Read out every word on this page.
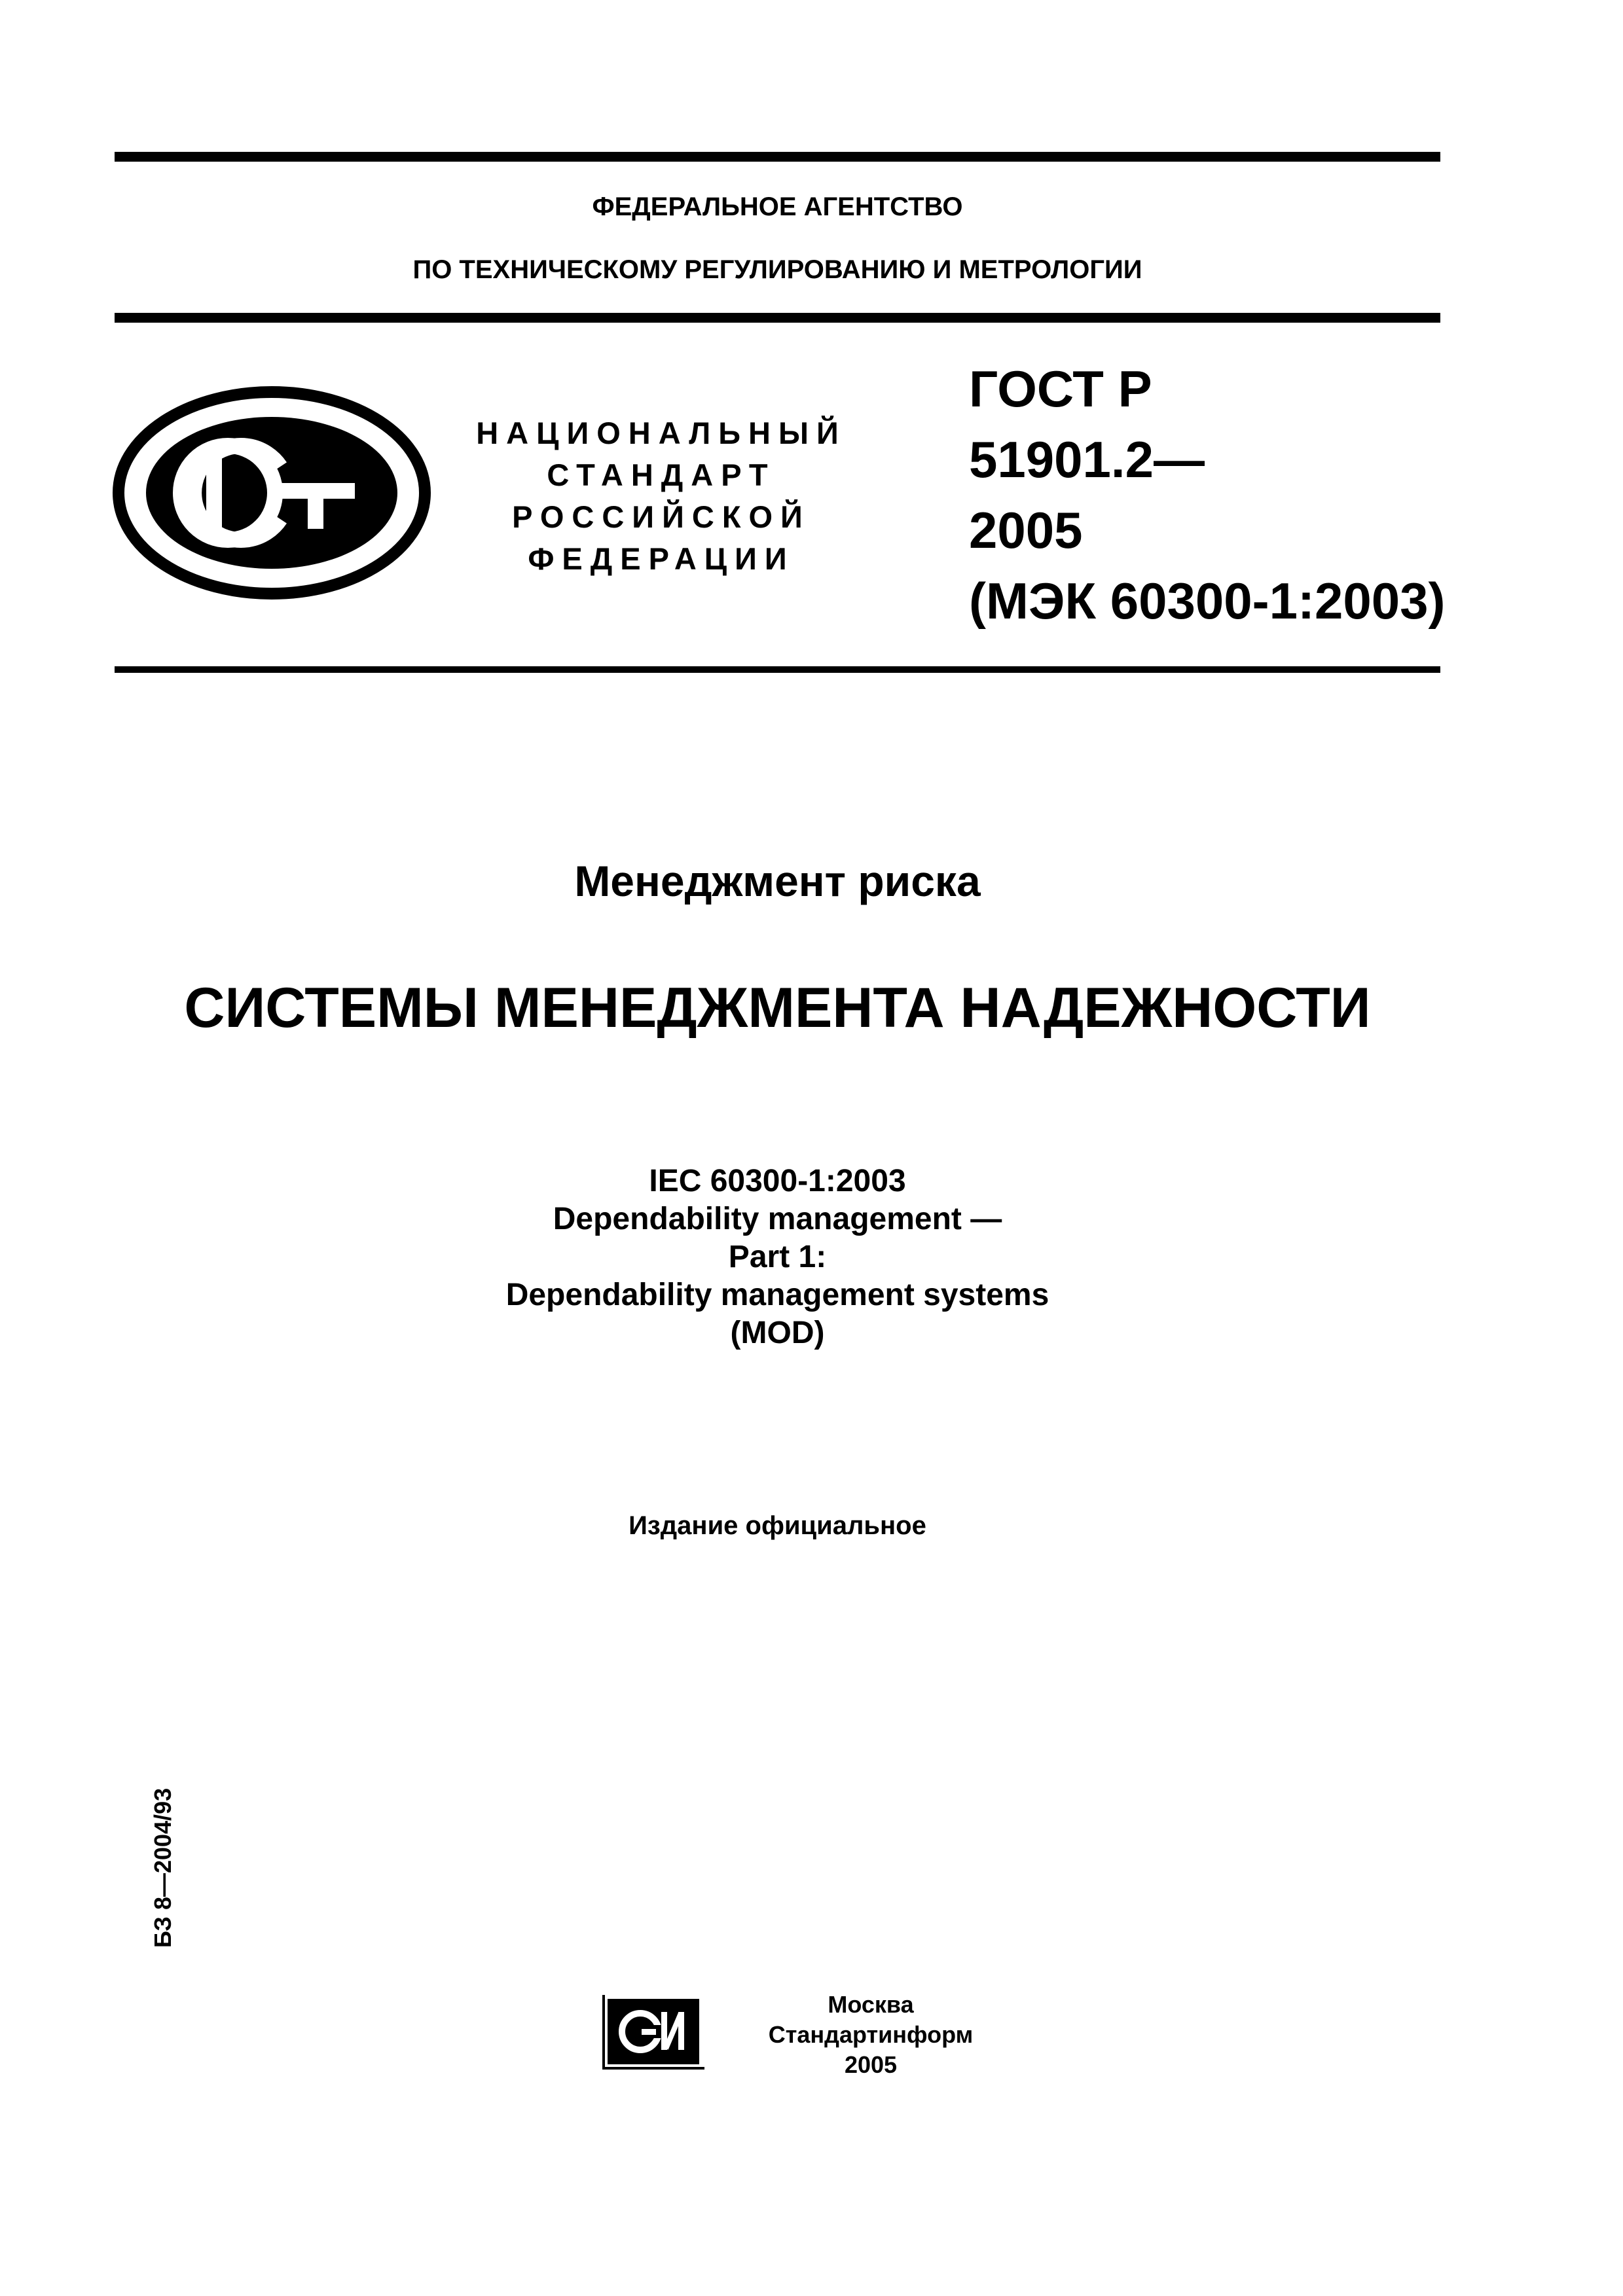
ФЕДЕРАЛЬНОЕ АГЕНТСТВО
ПО ТЕХНИЧЕСКОМУ РЕГУЛИРОВАНИЮ И МЕТРОЛОГИИ
НАЦИОНАЛЬНЫЙ
СТАНДАРТ
РОССИЙСКОЙ
ФЕДЕРАЦИИ
ГОСТ Р
51901.2—
2005
(МЭК 60300-1:2003)
Менеджмент риска
СИСТЕМЫ МЕНЕДЖМЕНТА НАДЕЖНОСТИ
IEC 60300-1:2003
Dependability management —
Part 1:
Dependability management systems
(MOD)
Издание официальное
БЗ 8—2004/93
Москва
Стандартинформ
2005
